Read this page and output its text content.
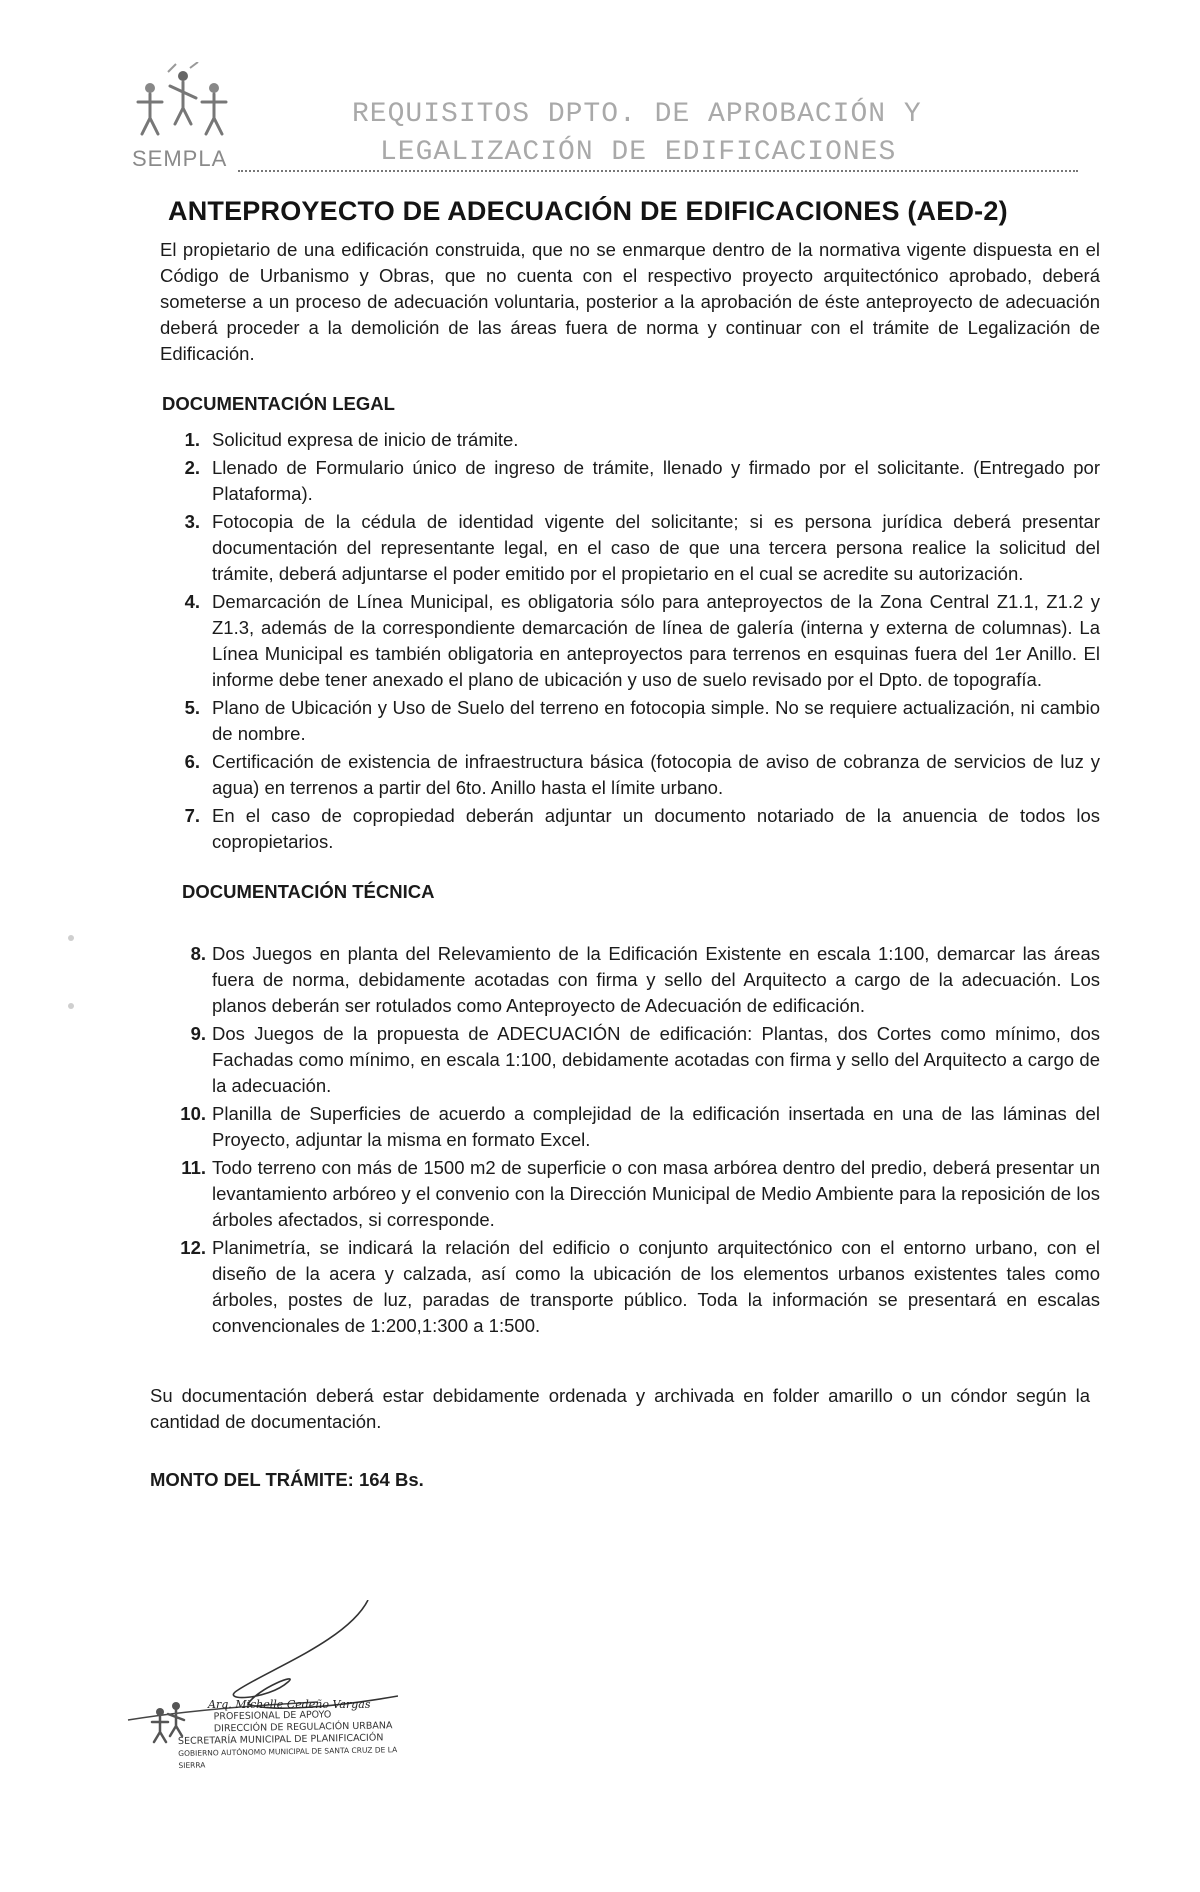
SEMPLA
REQUISITOS DPTO. DE APROBACIÓN Y
LEGALIZACIÓN DE EDIFICACIONES
ANTEPROYECTO DE ADECUACIÓN DE EDIFICACIONES (AED-2)

El propietario de una edificación construida, que no se enmarque dentro de la normativa vigente dispuesta en el Código de Urbanismo y Obras, que no cuenta con el respectivo proyecto arquitectónico aprobado, deberá someterse a un proceso de adecuación voluntaria, posterior a la aprobación de éste anteproyecto de adecuación deberá proceder a la demolición de las áreas fuera de norma y continuar con el trámite de Legalización de Edificación.

DOCUMENTACIÓN LEGAL
1. Solicitud expresa de inicio de trámite.
2. Llenado de Formulario único de ingreso de trámite, llenado y firmado por el solicitante. (Entregado por Plataforma).
3. Fotocopia de la cédula de identidad vigente del solicitante; si es persona jurídica deberá presentar documentación del representante legal, en el caso de que una tercera persona realice la solicitud del trámite, deberá adjuntarse el poder emitido por el propietario en el cual se acredite su autorización.
4. Demarcación de Línea Municipal, es obligatoria sólo para anteproyectos de la Zona Central Z1.1, Z1.2 y Z1.3, además de la correspondiente demarcación de línea de galería (interna y externa de columnas). La Línea Municipal es también obligatoria en anteproyectos para terrenos en esquinas fuera del 1er Anillo. El informe debe tener anexado el plano de ubicación y uso de suelo revisado por el Dpto. de topografía.
5. Plano de Ubicación y Uso de Suelo del terreno en fotocopia simple. No se requiere actualización, ni cambio de nombre.
6. Certificación de existencia de infraestructura básica (fotocopia de aviso de cobranza de servicios de luz y agua) en terrenos a partir del 6to. Anillo hasta el límite urbano.
7. En el caso de copropiedad deberán adjuntar un documento notariado de la anuencia de todos los copropietarios.
DOCUMENTACIÓN TÉCNICA
8. Dos Juegos en planta del Relevamiento de la Edificación Existente en escala 1:100, demarcar las áreas fuera de norma, debidamente acotadas con firma y sello del Arquitecto a cargo de la adecuación. Los planos deberán ser rotulados como Anteproyecto de Adecuación de edificación.
9. Dos Juegos de la propuesta de ADECUACIÓN de edificación: Plantas, dos Cortes como mínimo, dos Fachadas como mínimo, en escala 1:100, debidamente acotadas con firma y sello del Arquitecto a cargo de la adecuación.
10. Planilla de Superficies de acuerdo a complejidad de la edificación insertada en una de las láminas del Proyecto, adjuntar la misma en formato Excel.
11. Todo terreno con más de 1500 m2 de superficie o con masa arbórea dentro del predio, deberá presentar un levantamiento arbóreo y el convenio con la Dirección Municipal de Medio Ambiente para la reposición de los árboles afectados, si corresponde.
12. Planimetría, se indicará la relación del edificio o conjunto arquitectónico con el entorno urbano, con el diseño de la acera y calzada, así como la ubicación de los elementos urbanos existentes tales como árboles, postes de luz, paradas de transporte público. Toda la información se presentará en escalas convencionales de 1:200,1:300 a 1:500.

Su documentación deberá estar debidamente ordenada y archivada en folder amarillo o un cóndor según la cantidad de documentación.

MONTO DEL TRÁMITE: 164 Bs.
Arq. Michelle Cedeño Vargas
PROFESIONAL DE APOYO
DIRECCIÓN DE REGULACIÓN URBANA
SECRETARÍA MUNICIPAL DE PLANIFICACIÓN
GOBIERNO AUTÓNOMO MUNICIPAL DE SANTA CRUZ DE LA SIERRA
